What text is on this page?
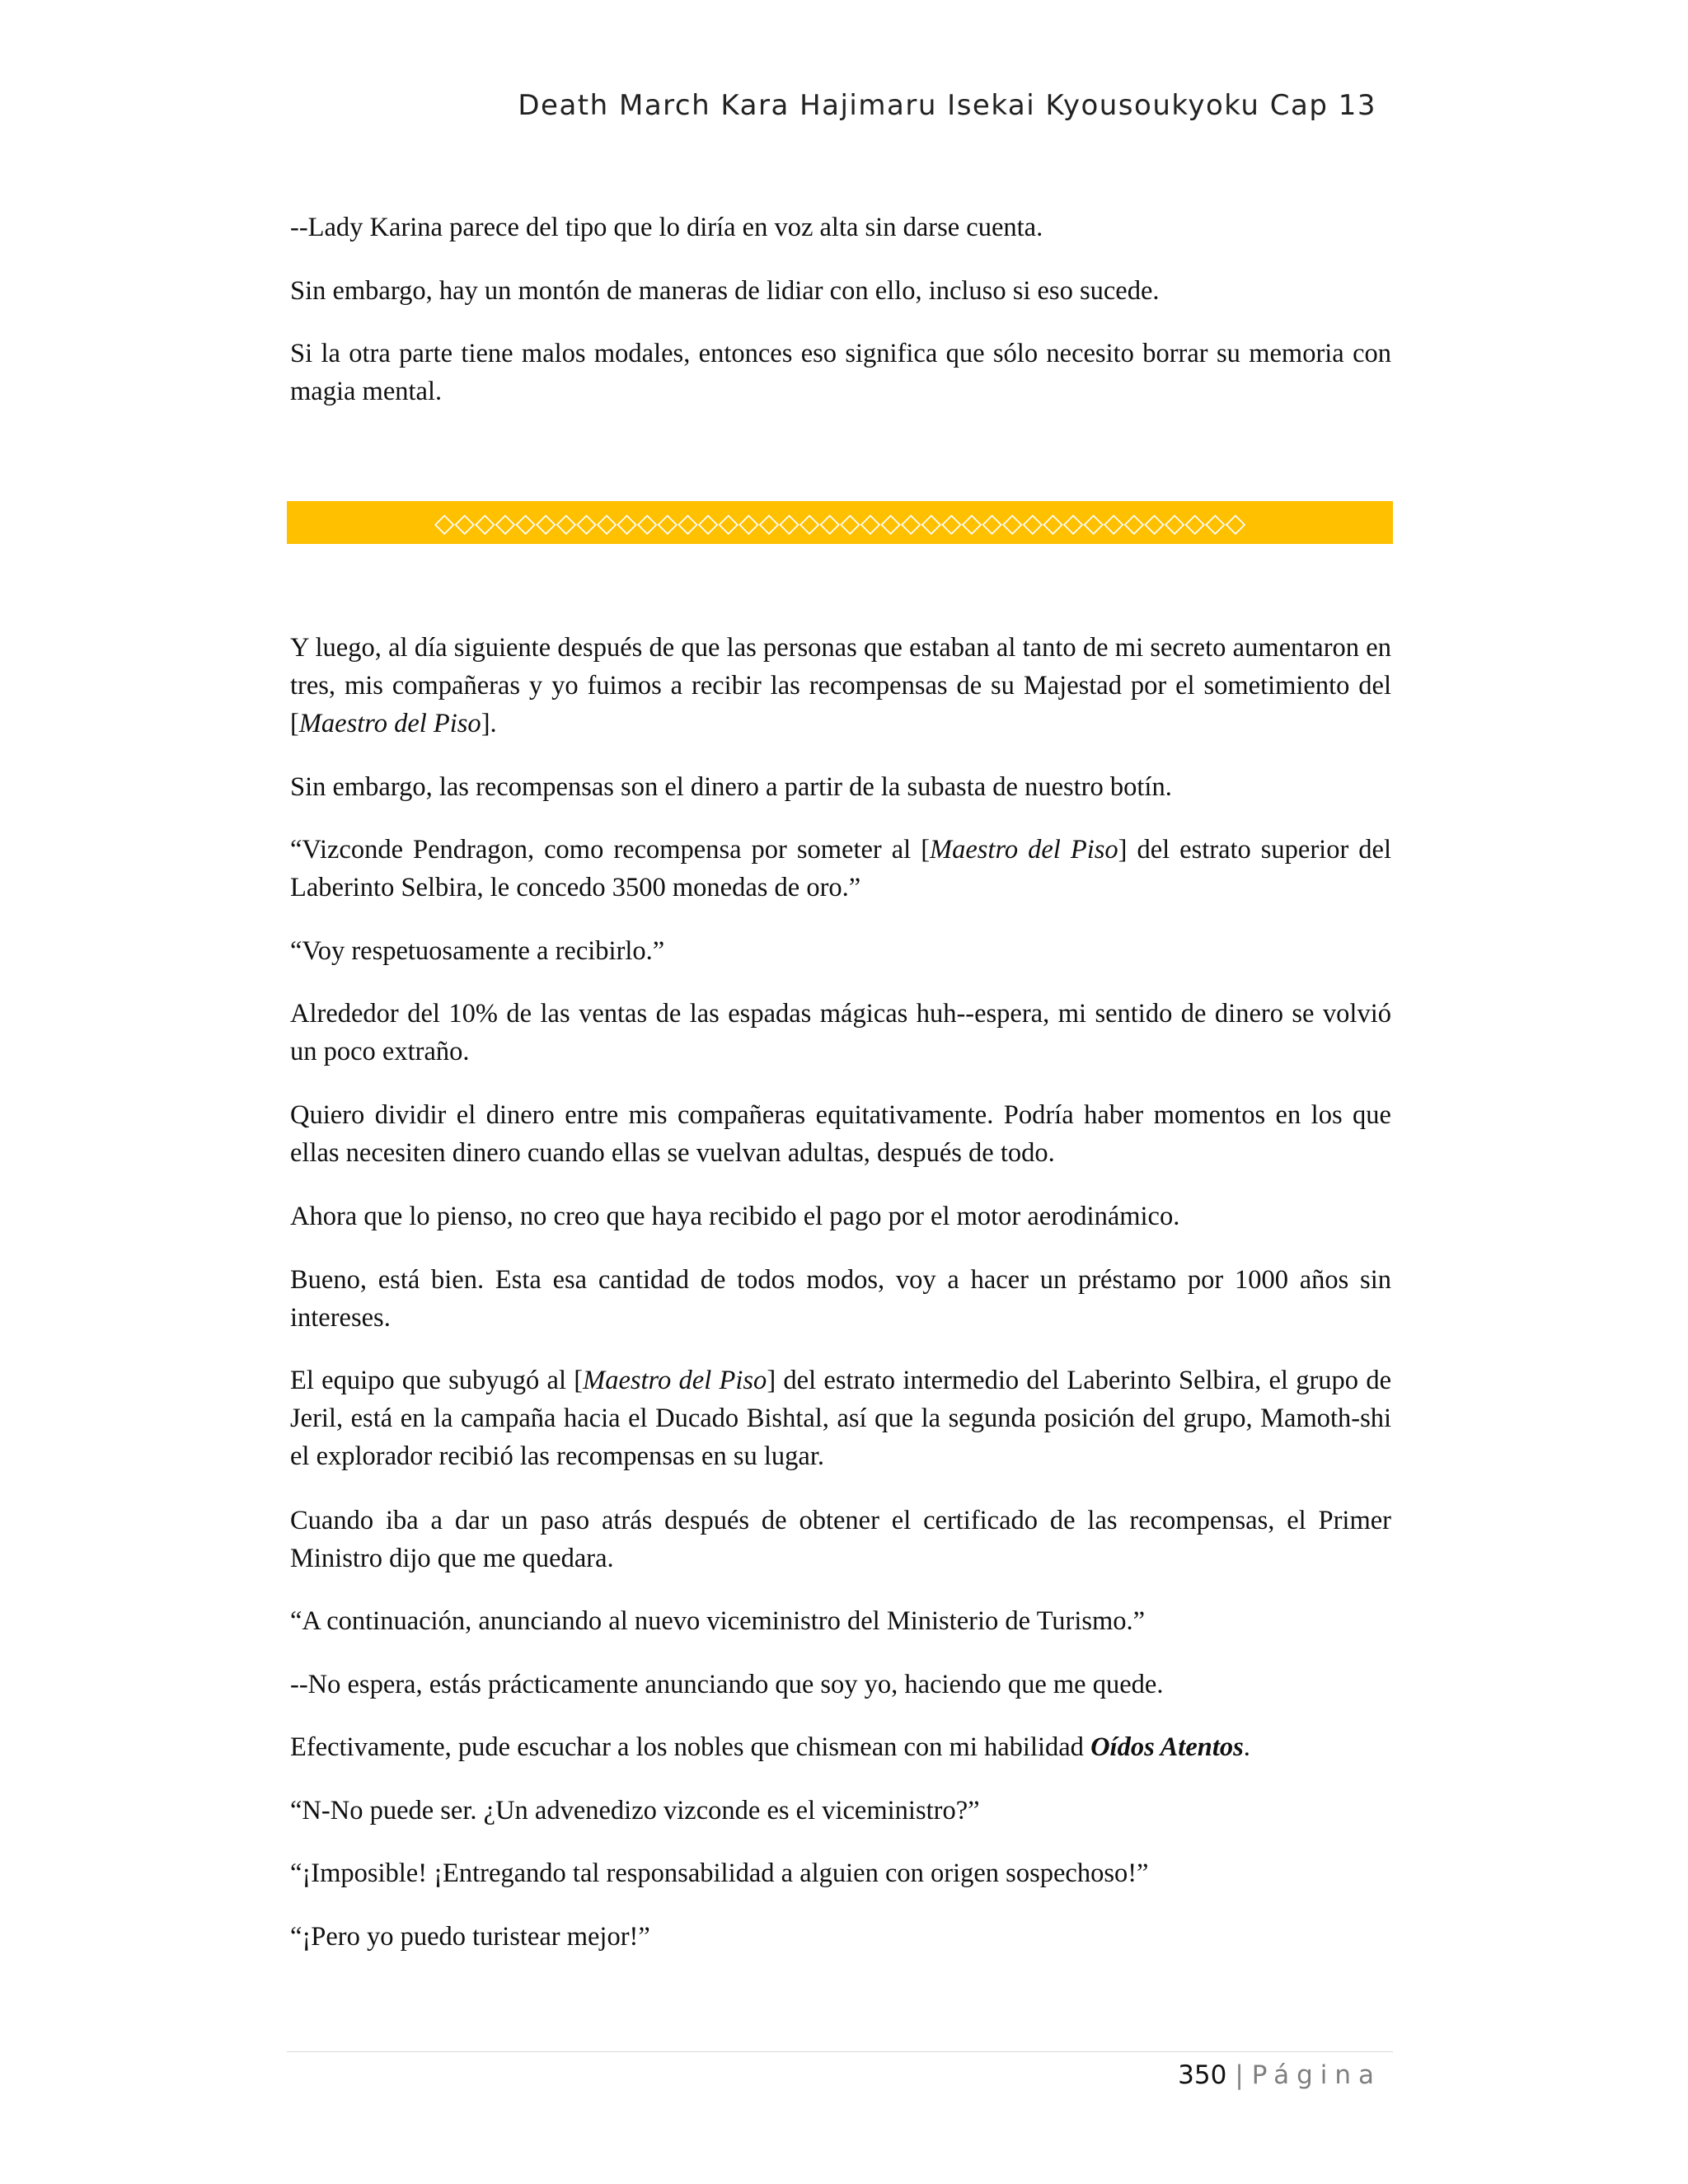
Death March Kara Hajimaru Isekai Kyousoukyoku Cap 13

--Lady Karina parece del tipo que lo diría en voz alta sin darse cuenta.

Sin embargo, hay un montón de maneras de lidiar con ello, incluso si eso sucede.

Si la otra parte tiene malos modales, entonces eso significa que sólo necesito borrar su memoria con magia mental.

◇◇◇◇◇◇◇◇◇◇◇◇◇◇◇◇◇◇◇◇◇◇◇◇◇◇◇◇◇◇◇◇◇◇◇◇◇◇◇◇

Y luego, al día siguiente después de que las personas que estaban al tanto de mi secreto aumentaron en tres, mis compañeras y yo fuimos a recibir las recompensas de su Majestad por el sometimiento del [Maestro del Piso].

Sin embargo, las recompensas son el dinero a partir de la subasta de nuestro botín.

“Vizconde Pendragon, como recompensa por someter al [Maestro del Piso] del estrato superior del Laberinto Selbira, le concedo 3500 monedas de oro.”

“Voy respetuosamente a recibirlo.”

Alrededor del 10% de las ventas de las espadas mágicas huh--espera, mi sentido de dinero se volvió un poco extraño.

Quiero dividir el dinero entre mis compañeras equitativamente. Podría haber momentos en los que ellas necesiten dinero cuando ellas se vuelvan adultas, después de todo.

Ahora que lo pienso, no creo que haya recibido el pago por el motor aerodinámico.

Bueno, está bien. Esta esa cantidad de todos modos, voy a hacer un préstamo por 1000 años sin intereses.

El equipo que subyugó al [Maestro del Piso] del estrato intermedio del Laberinto Selbira, el grupo de Jeril, está en la campaña hacia el Ducado Bishtal, así que la segunda posición del grupo, Mamoth-shi el explorador recibió las recompensas en su lugar.

Cuando iba a dar un paso atrás después de obtener el certificado de las recompensas, el Primer Ministro dijo que me quedara.

“A continuación, anunciando al nuevo viceministro del Ministerio de Turismo.”

--No espera, estás prácticamente anunciando que soy yo, haciendo que me quede.

Efectivamente, pude escuchar a los nobles que chismean con mi habilidad Oídos Atentos.

“N-No puede ser. ¿Un advenedizo vizconde es el viceministro?”

“¡Imposible! ¡Entregando tal responsabilidad a alguien con origen sospechoso!”

“¡Pero yo puedo turistear mejor!”

350 | Página
